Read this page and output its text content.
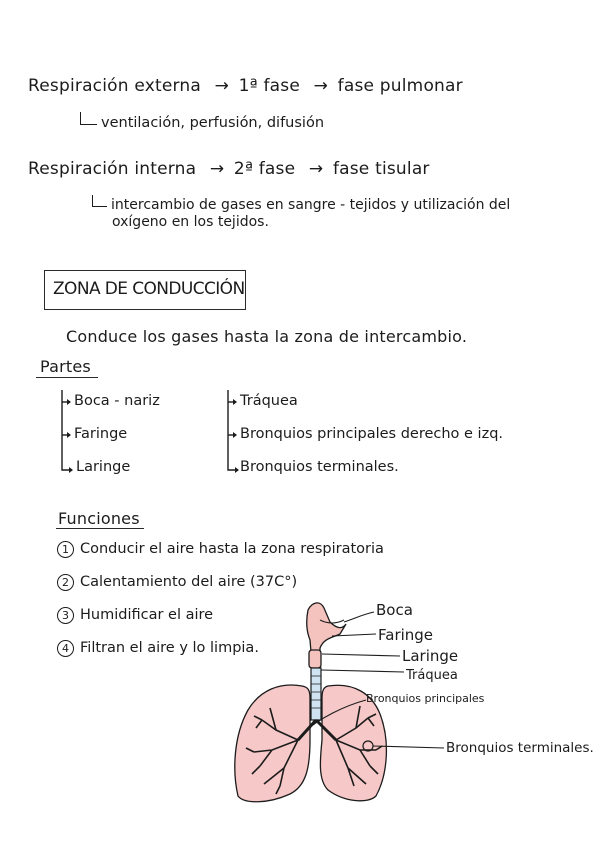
Respiración externa → 1ª fase → fase pulmonar
ventilación, perfusión, difusión
Respiración interna → 2ª fase → fase tisular
intercambio de gases en sangre - tejidos y utilización del
oxígeno en los tejidos.
ZONA DE CONDUCCIÓN
Conduce los gases hasta la zona de intercambio.
Partes
Boca - nariz
Faringe
Laringe
Tráquea
Bronquios principales derecho e izq.
Bronquios terminales.
Funciones
1 Conducir el aire hasta la zona respiratoria
2 Calentamiento del aire (37C°)
3 Humidificar el aire
4 Filtran el aire y lo limpia.
Boca
Faringe
Laringe
Tráquea
Bronquios principales
Bronquios terminales.
